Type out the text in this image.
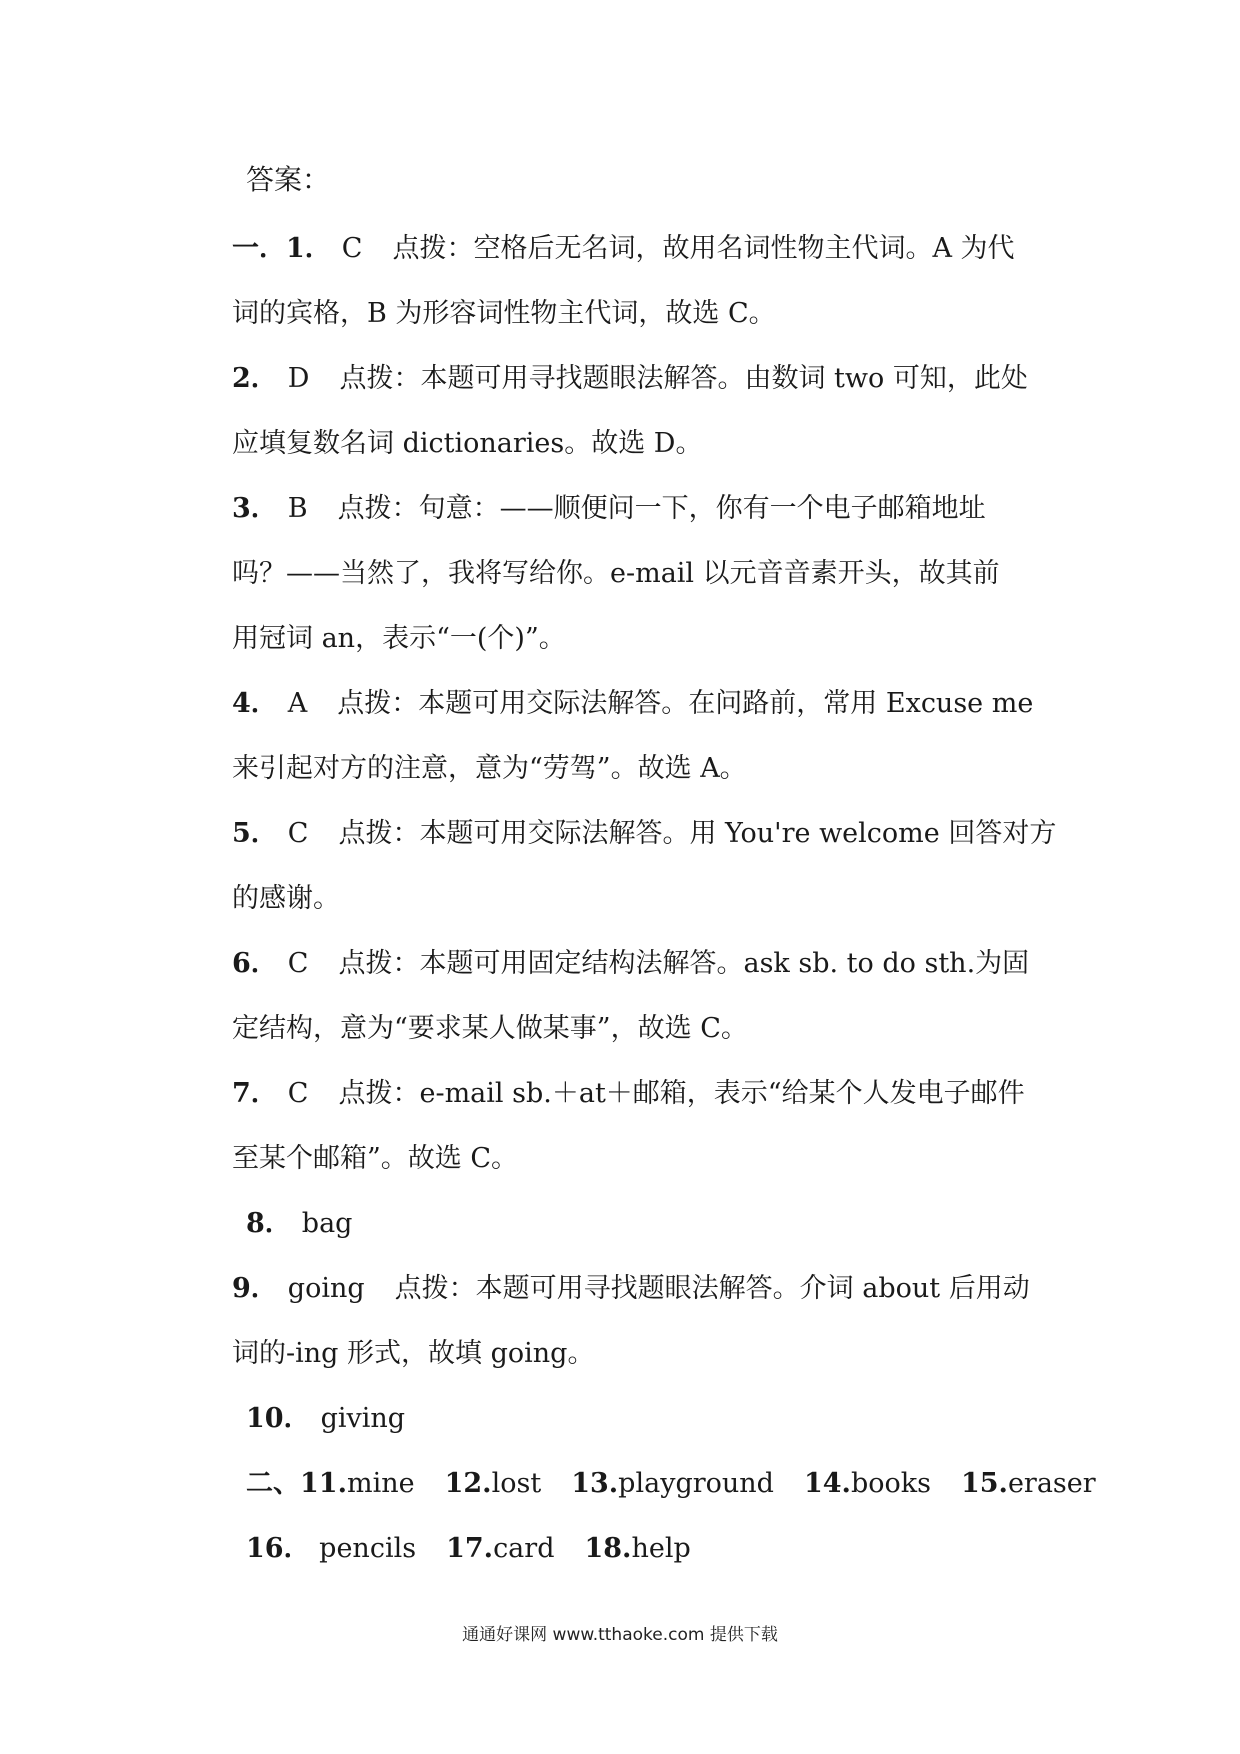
答案：
一．1． C 点拨：空格后无名词，故用名词性物主代词。A 为代
词的宾格，B 为形容词性物主代词，故选 C。
2． D 点拨：本题可用寻找题眼法解答。由数词 two 可知，此处
应填复数名词 dictionaries。故选 D。
3． B 点拨：句意：——顺便问一下，你有一个电子邮箱地址
吗？——当然了，我将写给你。e-mail 以元音音素开头，故其前
用冠词 an，表示“一(个)”。
4． A 点拨：本题可用交际法解答。在问路前，常用 Excuse me
来引起对方的注意，意为“劳驾”。故选 A。
5． C 点拨：本题可用交际法解答。用 You're welcome 回答对方
的感谢。
6． C 点拨：本题可用固定结构法解答。ask sb. to do sth.为固
定结构，意为“要求某人做某事”，故选 C。
7． C 点拨：e-mail sb.＋at＋邮箱，表示“给某个人发电子邮件
至某个邮箱”。故选 C。
8． bag
9． going 点拨：本题可用寻找题眼法解答。介词 about 后用动
词的-ing 形式，故填 going。
10． giving
二、11.mine 12.lost 13.playground 14.books 15.eraser
16． pencils 17.card 18.help
通通好课网 www.tthaoke.com 提供下载
